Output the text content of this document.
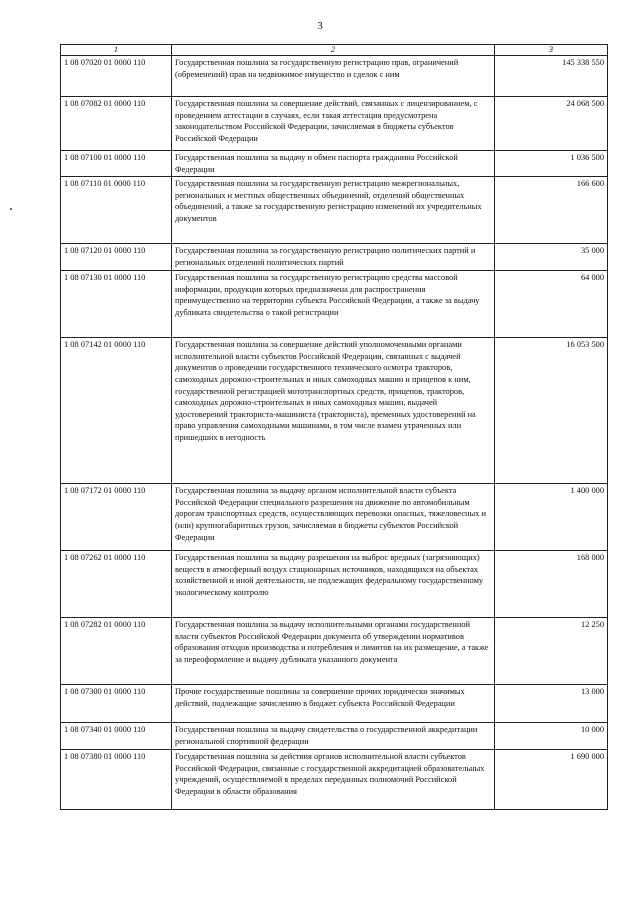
3
1	2	3
1 08 07020 01 0000 110	Государственная пошлина за государственную регистрацию прав, ограничений (обременений) прав на недвижимое имущество и сделок с ним	145 338 550
1 08 07082 01 0000 110	Государственная пошлина за совершение действий, связанных с лицензированием, с проведением аттестации в случаях, если такая аттестация предусмотрена законодательством Российской Федерации, зачисляемая в бюджеты субъектов Российской Федерации	24 068 500
1 08 07100 01 0000 110	Государственная пошлина за выдачу и обмен паспорта гражданина Российской Федерации	1 036 500
1 08 07110 01 0000 110	Государственная пошлина за государственную регистрацию межрегиональных, региональных и местных общественных объединений, отделений общественных объединений, а также за государственную регистрацию изменений их учредительных документов	166 600
1 08 07120 01 0000 110	Государственная пошлина за государственную регистрацию политических партий и региональных отделений политических партий	35 000
1 08 07130 01 0000 110	Государственная пошлина за государственную регистрацию средства массовой информации, продукция которых предназначена для распространения преимущественно на территории субъекта Российской Федерации, а также за выдачу дубликата свидетельства о такой регистрации	64 000
1 08 07142 01 0000 110	Государственная пошлина за совершение действий уполномоченными органами исполнительной власти субъектов Российской Федерации, связанных с выдачей документов о проведении государственного технического осмотра тракторов, самоходных дорожно-строительных и иных самоходных машин и прицепов к ним, государственной регистрацией мототранспортных средств, прицепов, тракторов, самоходных дорожно-строительных и иных самоходных машин, выдачей удостоверений тракториста-машиниста (тракториста), временных удостоверений на право управления самоходными машинами, в том числе взамен утраченных или пришедших в негодность	16 053 500
1 08 07172 01 0000 110	Государственная пошлина за выдачу органом исполнительной власти субъекта Российской Федерации специального разрешения на движение по автомобильным дорогам транспортных средств, осуществляющих перевозки опасных, тяжеловесных и (или) крупногабаритных грузов, зачисляемая в бюджеты субъектов Российской Федерации	1 400 000
1 08 07262 01 0000 110	Государственная пошлина за выдачу разрешения на выброс вредных (загрязняющих) веществ в атмосферный воздух стационарных источников, находящихся на объектах хозяйственной и иной деятельности, не подлежащих федеральному государственному экологическому контролю	168 000
1 08 07282 01 0000 110	Государственная пошлина за выдачу исполнительными органами государственной власти субъектов Российской Федерации документа об утверждении нормативов образования отходов производства и потребления и лимитов на их размещение, а также за переоформление и выдачу дубликата указанного документа	12 250
1 08 07300 01 0000 110	Прочие государственные пошлины за совершение прочих юридически значимых действий, подлежащие зачислению в бюджет субъекта Российской Федерации	13 000
1 08 07340 01 0000 110	Государственная пошлина за выдачу свидетельства о государственной аккредитации региональной спортивной федерации	10 000
1 08 07380 01 0000 110	Государственная пошлина за действия органов исполнительной власти субъектов Российской Федерации, связанные с государственной аккредитацией образовательных учреждений, осуществляемой в пределах переданных полномочий Российской Федерации в области образования	1 690 000
